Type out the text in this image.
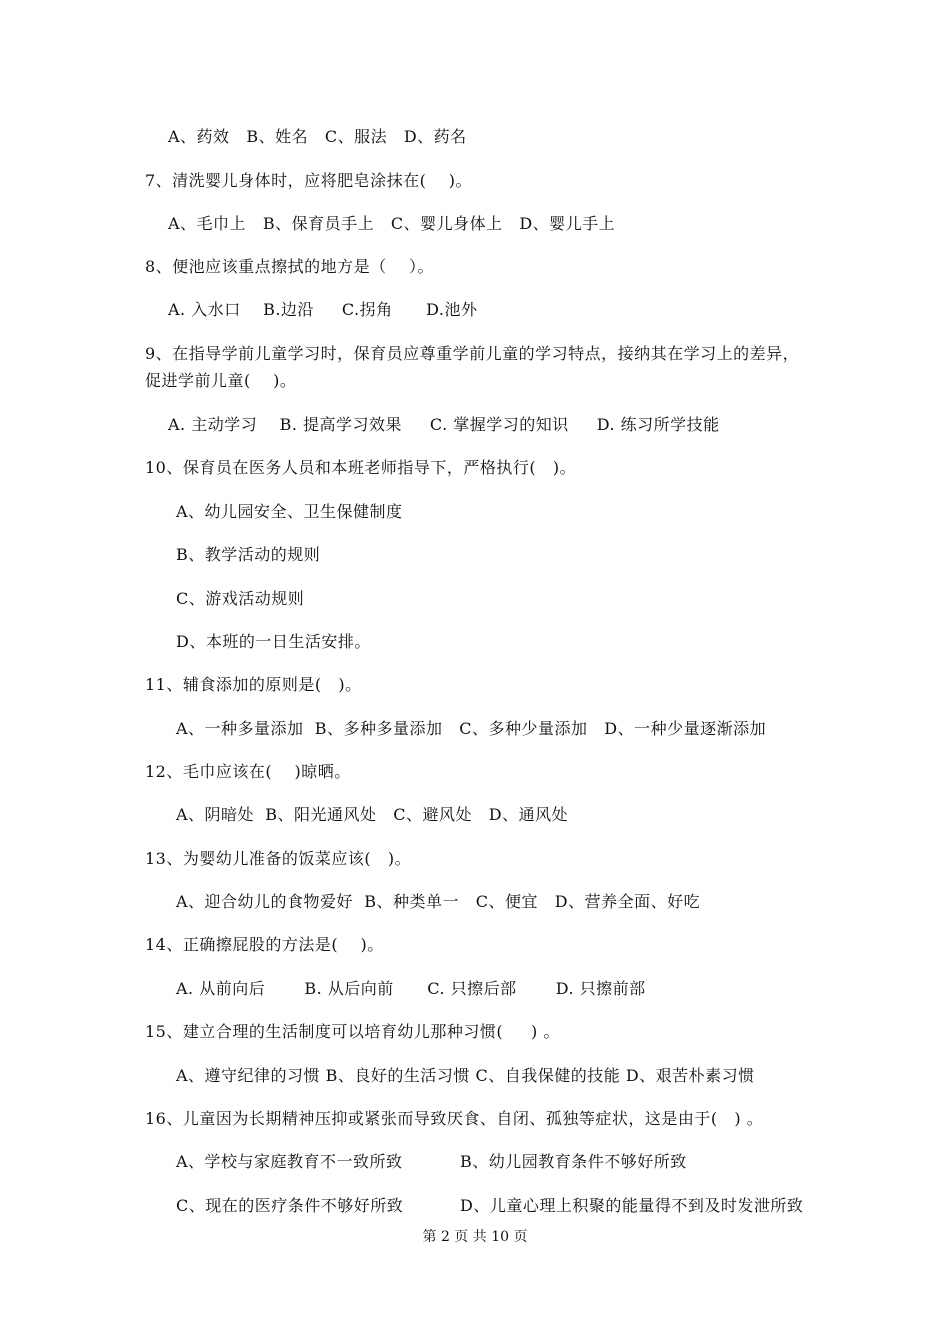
A、药效   B、姓名   C、服法   D、药名
7、清洗婴儿身体时，应将肥皂涂抹在(    )。
A、毛巾上   B、保育员手上   C、婴儿身体上   D、婴儿手上
8、便池应该重点擦拭的地方是（    ）。
A. 入水口    B.边沿     C.拐角      D.池外
9、在指导学前儿童学习时，保育员应尊重学前儿童的学习特点，接纳其在学习上的差异，
促进学前儿童(    )。
A. 主动学习    B. 提高学习效果     C. 掌握学习的知识     D. 练习所学技能
10、保育员在医务人员和本班老师指导下，严格执行(   )。
A、幼儿园安全、卫生保健制度
B、教学活动的规则
C、游戏活动规则
D、本班的一日生活安排。
11、辅食添加的原则是(   )。
A、一种多量添加  B、多种多量添加   C、多种少量添加   D、一种少量逐渐添加
12、毛巾应该在(    )晾晒。
A、阴暗处  B、阳光通风处   C、避风处   D、通风处
13、为婴幼儿准备的饭菜应该(   )。
A、迎合幼儿的食物爱好  B、种类单一   C、便宜   D、营养全面、好吃
14、正确擦屁股的方法是(    )。
A. 从前向后       B. 从后向前      C. 只擦后部       D. 只擦前部
15、建立合理的生活制度可以培育幼儿那种习惯(     ) 。
A、遵守纪律的习惯 B、良好的生活习惯 C、自我保健的技能 D、艰苦朴素习惯
16、儿童因为长期精神压抑或紧张而导致厌食、自闭、孤独等症状，这是由于(   ) 。
A、学校与家庭教育不一致所致	B、幼儿园教育条件不够好所致
C、现在的医疗条件不够好所致	D、儿童心理上积聚的能量得不到及时发泄所致
第 2 页 共 10 页
